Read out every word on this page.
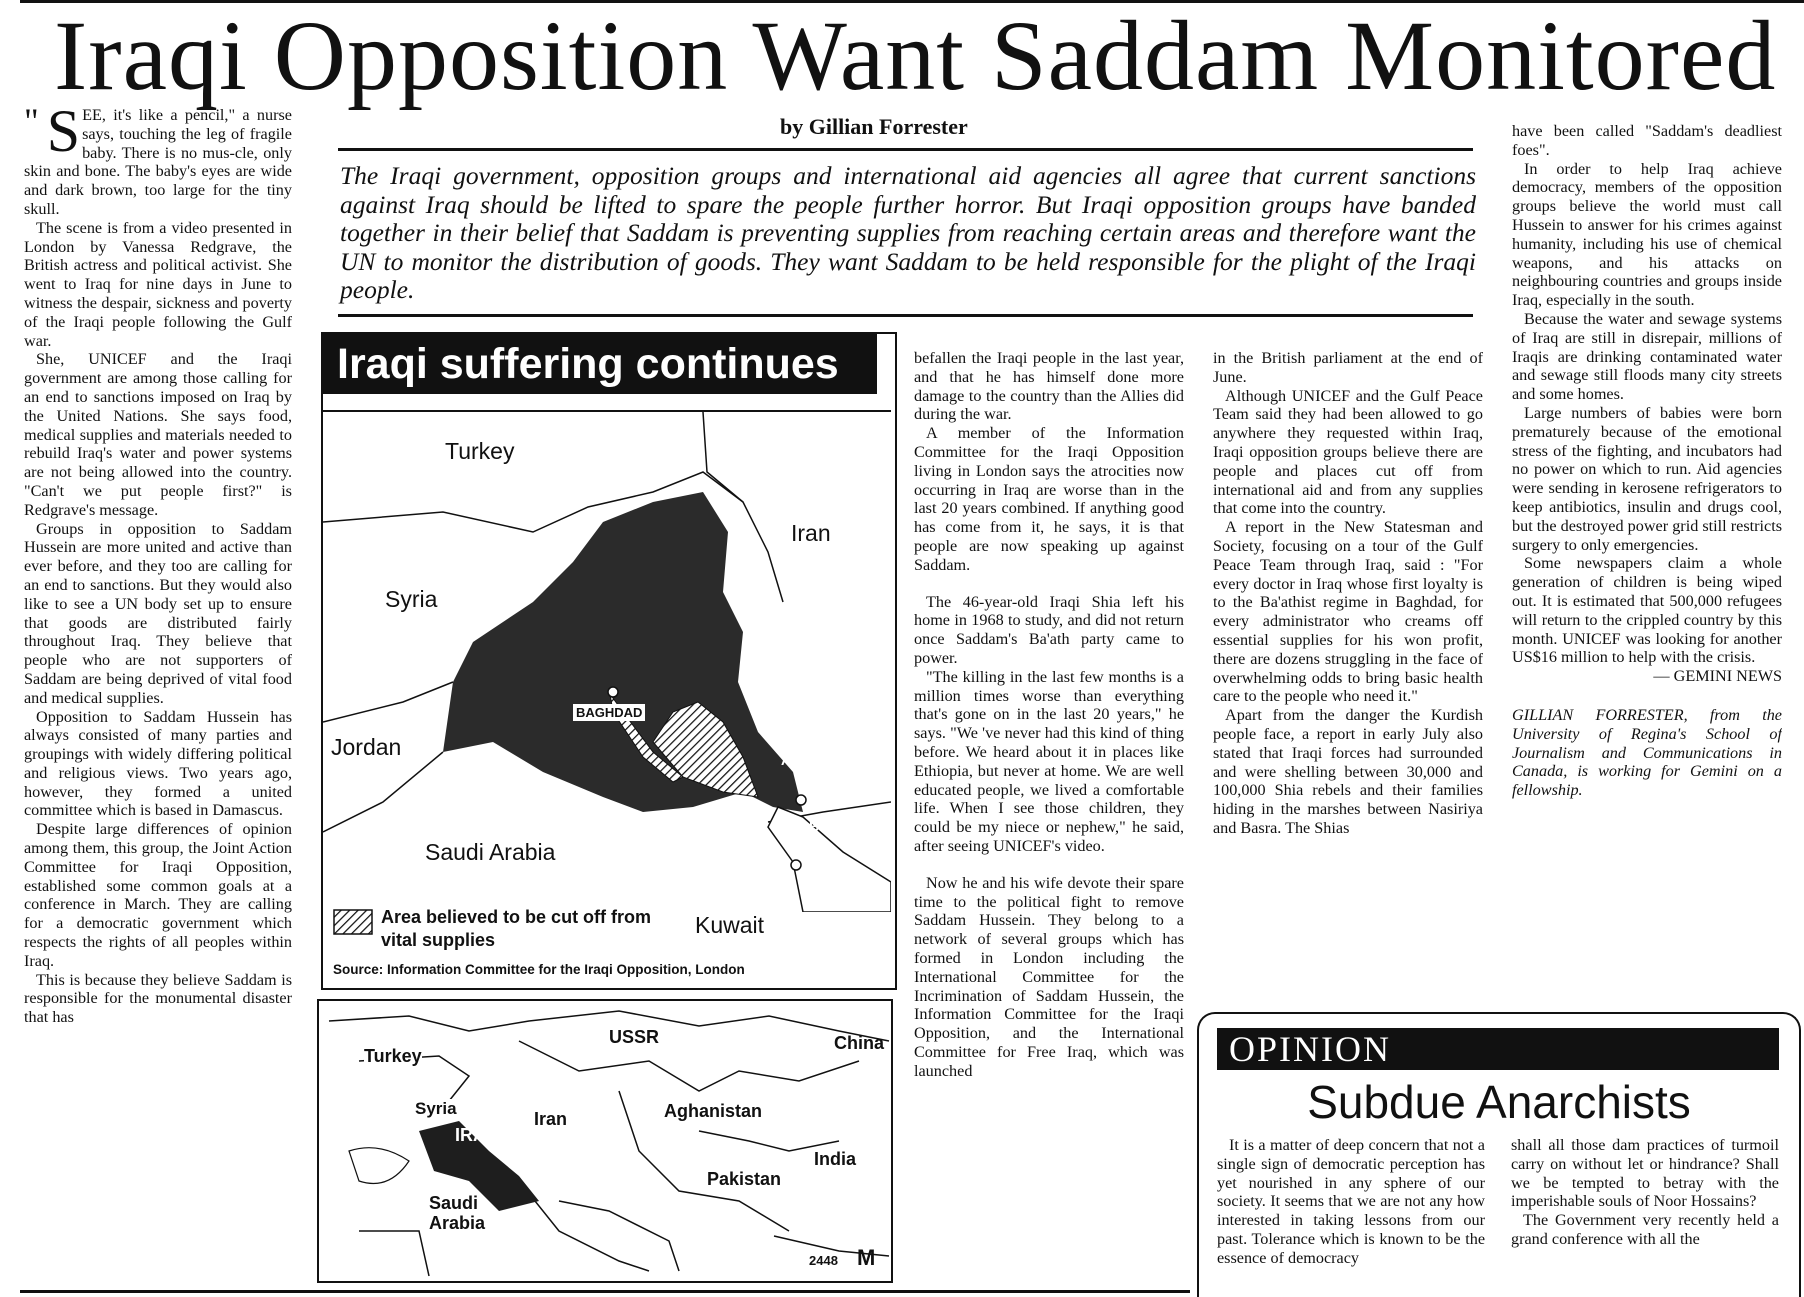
Iraqi Opposition Want Saddam Monitored
by Gillian Forrester
The Iraqi government, opposition groups and international aid agencies all agree that current sanctions against Iraq should be lifted to spare the people further horror. But Iraqi opposition groups have banded together in their belief that Saddam is preventing supplies from reaching certain areas and therefore want the UN to monitor the distribution of goods. They want Saddam to be held responsible for the plight of the Iraqi people.

" S EE, it's like a pencil," a nurse says, touching the leg of fragile baby. There is no mus-cle, only skin and bone. The baby's eyes are wide and dark brown, too large for the tiny skull.

The scene is from a video presented in London by Vanessa Redgrave, the British actress and political activist. She went to Iraq for nine days in June to witness the despair, sickness and poverty of the Iraqi people following the Gulf war.

She, UNICEF and the Iraqi government are among those calling for an end to sanctions imposed on Iraq by the United Nations. She says food, medical supplies and materials needed to rebuild Iraq's water and power systems are not being allowed into the country. "Can't we put people first?" is Redgrave's message.

Groups in opposition to Saddam Hussein are more united and active than ever before, and they too are calling for an end to sanctions. But they would also like to see a UN body set up to ensure that goods are distributed fairly throughout Iraq. They believe that people who are not supporters of Saddam are being deprived of vital food and medical supplies.

Opposition to Saddam Hussein has always consisted of many parties and groupings with widely differing political and religious views. Two years ago, however, they formed a united committee which is based in Damascus.

Despite large differences of opinion among them, this group, the Joint Action Committee for Iraqi Opposition, established some common goals at a conference in March. They are calling for a democratic government which respects the rights of all peoples within Iraq.

This is because they believe Saddam is responsible for the monumental disaster that has

Iraqi suffering continues
Turkey
Iran
Syria
Jordan
Saudi Arabia
Kuwait
BAGHDAD
Al'Amarah
Basra
Area believed to be cut off from vital supplies
Source: Information Committee for the Iraqi Opposition, London
Turkey
USSR	China
Syria
IRAQ
Iran	Aghanistan
India
Pakistan
Saudi
Arabia
2448 M

befallen the Iraqi people in the last year, and that he has himself done more damage to the country than the Allies did during the war.

A member of the Information Committee for the Iraqi Opposition living in London says the atrocities now occurring in Iraq are worse than in the last 20 years combined. If anything good has come from it, he says, it is that people are now speaking up against Saddam.

The 46-year-old Iraqi Shia left his home in 1968 to study, and did not return once Saddam's Ba'ath party came to power.

"The killing in the last few months is a million times worse than everything that's gone on in the last 20 years," he says. "We 've never had this kind of thing before. We heard about it in places like Ethiopia, but never at home. We are well educated people, we lived a comfortable life. When I see those children, they could be my niece or nephew," he said, after seeing UNICEF's video.

Now he and his wife devote their spare time to the political fight to remove Saddam Hussein. They belong to a network of several groups which has formed in London including the International Committee for the Incrimination of Saddam Hussein, the Information Committee for the Iraqi Opposition, and the International Committee for Free Iraq, which was launched

in the British parliament at the end of June.

Although UNICEF and the Gulf Peace Team said they had been allowed to go anywhere they requested within Iraq, Iraqi opposition groups believe there are people and places cut off from international aid and from any supplies that come into the country.

A report in the New Statesman and Society, focusing on a tour of the Gulf Peace Team through Iraq, said : "For every doctor in Iraq whose first loyalty is to the Ba'athist regime in Baghdad, for every administrator who creams off essential supplies for his won profit, there are dozens struggling in the face of overwhelming odds to bring basic health care to the people who need it."

Apart from the danger the Kurdish people face, a report in early July also stated that Iraqi forces had surrounded and were shelling between 30,000 and 100,000 Shia rebels and their families hiding in the marshes between Nasiriya and Basra. The Shias

have been called "Saddam's deadliest foes".

In order to help Iraq achieve democracy, members of the opposition groups believe the world must call Hussein to answer for his crimes against humanity, including his use of chemical weapons, and his attacks on neighbouring countries and groups inside Iraq, especially in the south.

Because the water and sewage systems of Iraq are still in disrepair, millions of Iraqis are drinking contaminated water and sewage still floods many city streets and some homes.

Large numbers of babies were born prematurely because of the emotional stress of the fighting, and incubators had no power on which to run. Aid agencies were sending in kerosene refrigerators to keep antibiotics, insulin and drugs cool, but the destroyed power grid still restricts surgery to only emergencies.

Some newspapers claim a whole generation of children is being wiped out. It is estimated that 500,000 refugees will return to the crippled country by this month. UNICEF was looking for another US$16 million to help with the crisis.

— GEMINI NEWS

GILLIAN FORRESTER, from the University of Regina's School of Journalism and Communications in Canada, is working for Gemini on a fellowship.

OPINION
Subdue Anarchists

It is a matter of deep concern that not a single sign of democratic perception has yet nourished in any sphere of our society. It seems that we are not any how interested in taking lessons from our past. Tolerance which is known to be the essence of democracy

shall all those dam practices of turmoil carry on without let or hindrance? Shall we be tempted to betray with the imperishable souls of Noor Hossains?

The Government very recently held a grand conference with all the
